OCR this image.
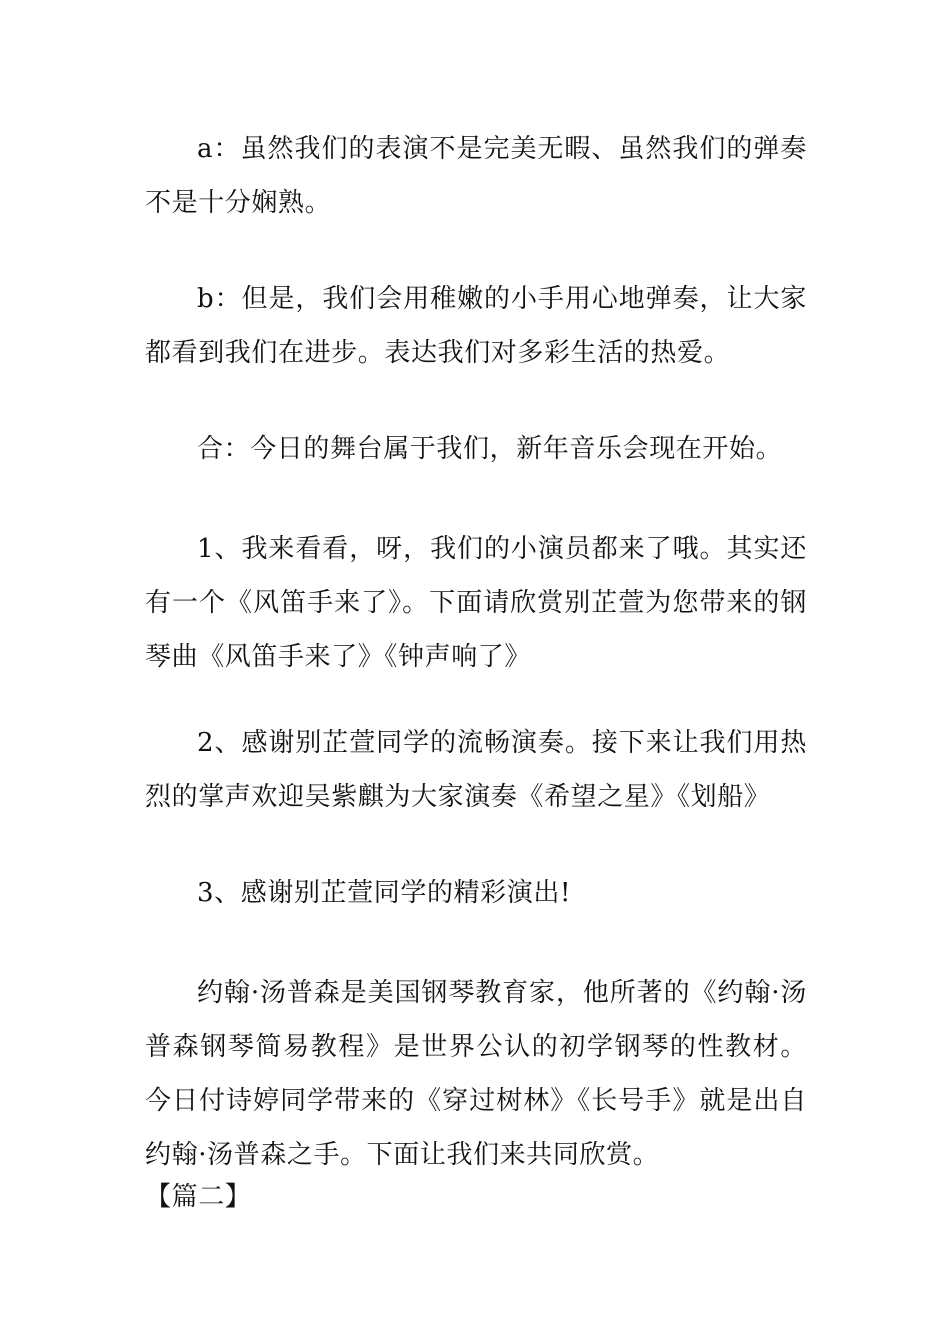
a：虽然我们的表演不是完美无暇、虽然我们的弹奏不是十分娴熟。

b：但是，我们会用稚嫩的小手用心地弹奏，让大家都看到我们在进步。表达我们对多彩生活的热爱。

合：今日的舞台属于我们，新年音乐会现在开始。

1、我来看看，呀，我们的小演员都来了哦。其实还有一个《风笛手来了》。下面请欣赏别芷萱为您带来的钢琴曲《风笛手来了》《钟声响了》

2、感谢别芷萱同学的流畅演奏。接下来让我们用热烈的掌声欢迎吴紫麒为大家演奏《希望之星》《划船》

3、感谢别芷萱同学的精彩演出!

约翰·汤普森是美国钢琴教育家，他所著的《约翰·汤普森钢琴简易教程》是世界公认的初学钢琴的性教材。今日付诗婷同学带来的《穿过树林》《长号手》就是出自约翰·汤普森之手。下面让我们来共同欣赏。

【篇二】
